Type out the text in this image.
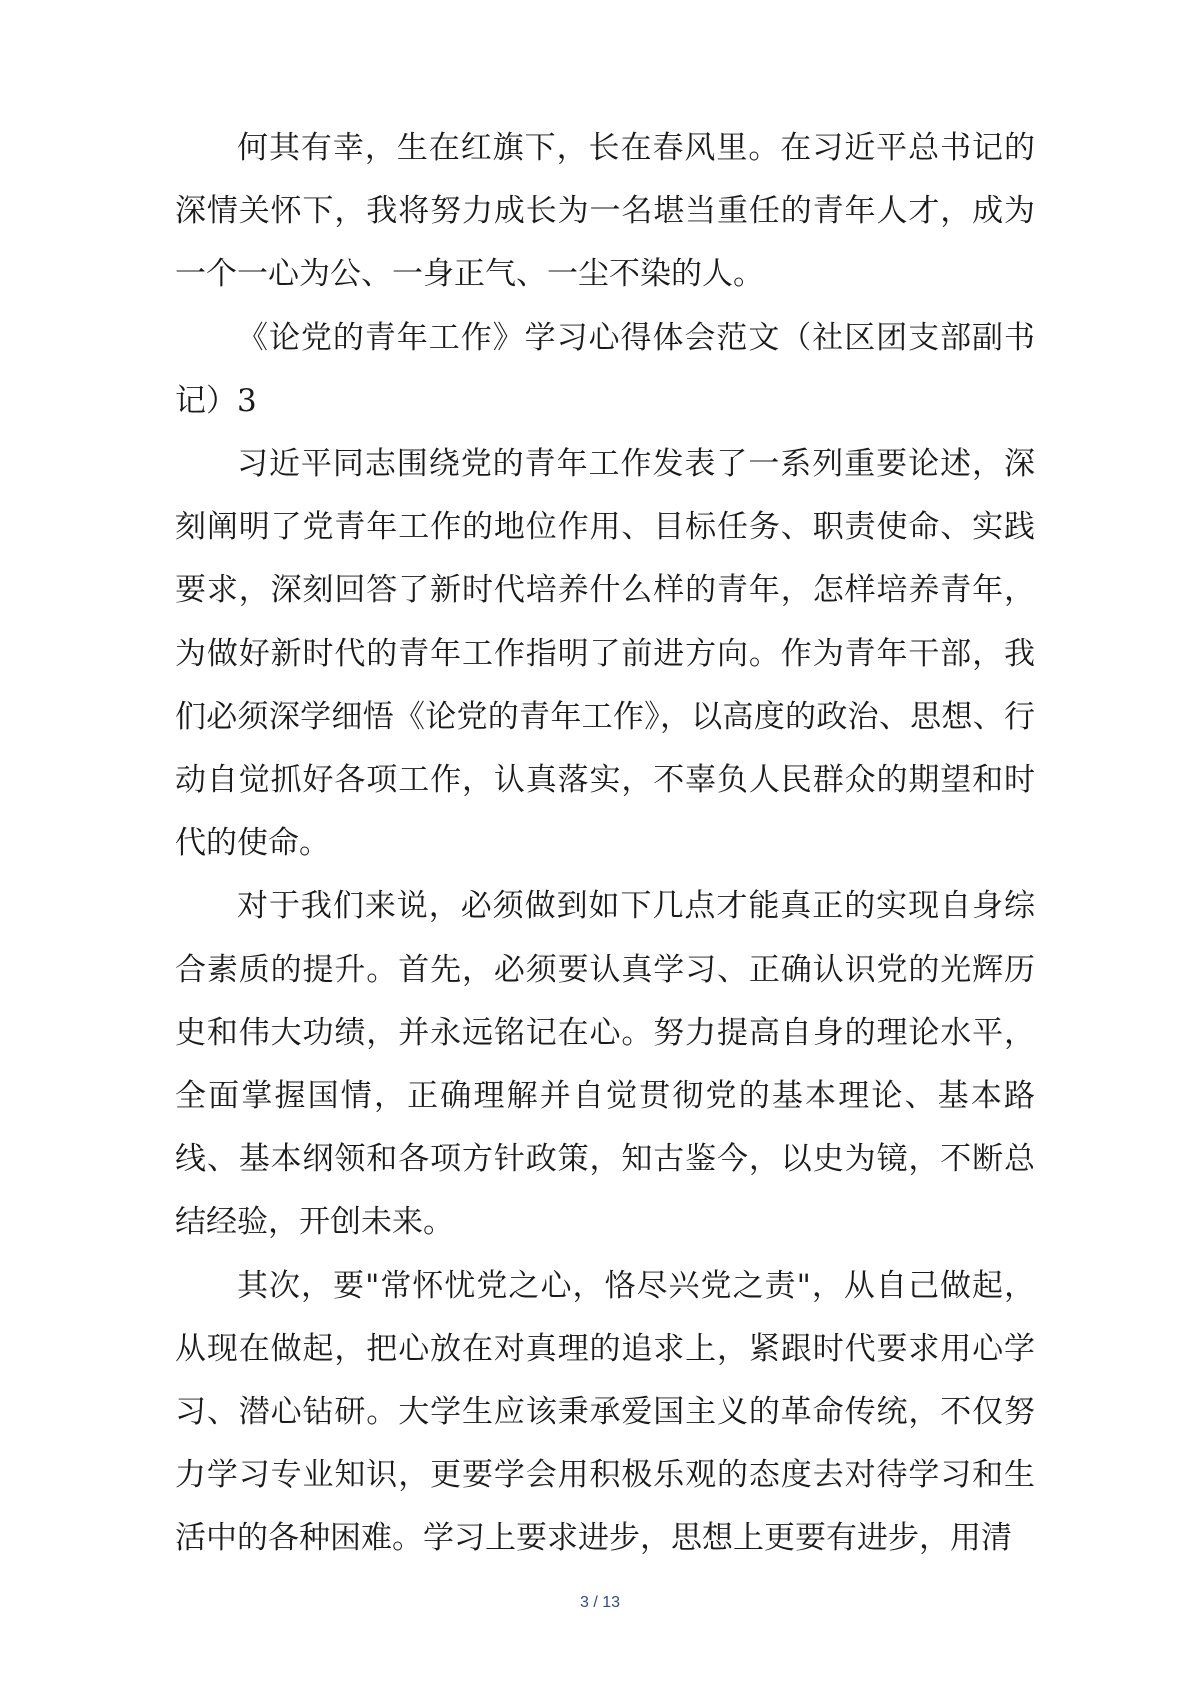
何其有幸，生在红旗下，长在春风里。在习近平总书记的深情关怀下，我将努力成长为一名堪当重任的青年人才，成为一个一心为公、一身正气、一尘不染的人。

《论党的青年工作》学习心得体会范文（社区团支部副书记）3

习近平同志围绕党的青年工作发表了一系列重要论述，深刻阐明了党青年工作的地位作用、目标任务、职责使命、实践要求，深刻回答了新时代培养什么样的青年，怎样培养青年，为做好新时代的青年工作指明了前进方向。作为青年干部，我们必须深学细悟《论党的青年工作》，以高度的政治、思想、行动自觉抓好各项工作，认真落实，不辜负人民群众的期望和时代的使命。

对于我们来说，必须做到如下几点才能真正的实现自身综合素质的提升。首先，必须要认真学习、正确认识党的光辉历史和伟大功绩，并永远铭记在心。努力提高自身的理论水平，全面掌握国情，正确理解并自觉贯彻党的基本理论、基本路线、基本纲领和各项方针政策，知古鉴今，以史为镜，不断总结经验，开创未来。

其次，要"常怀忧党之心，恪尽兴党之责"，从自己做起，从现在做起，把心放在对真理的追求上，紧跟时代要求用心学习、潜心钻研。大学生应该秉承爱国主义的革命传统，不仅努力学习专业知识，更要学会用积极乐观的态度去对待学习和生活中的各种困难。学习上要求进步，思想上更要有进步，用清

3 / 13
